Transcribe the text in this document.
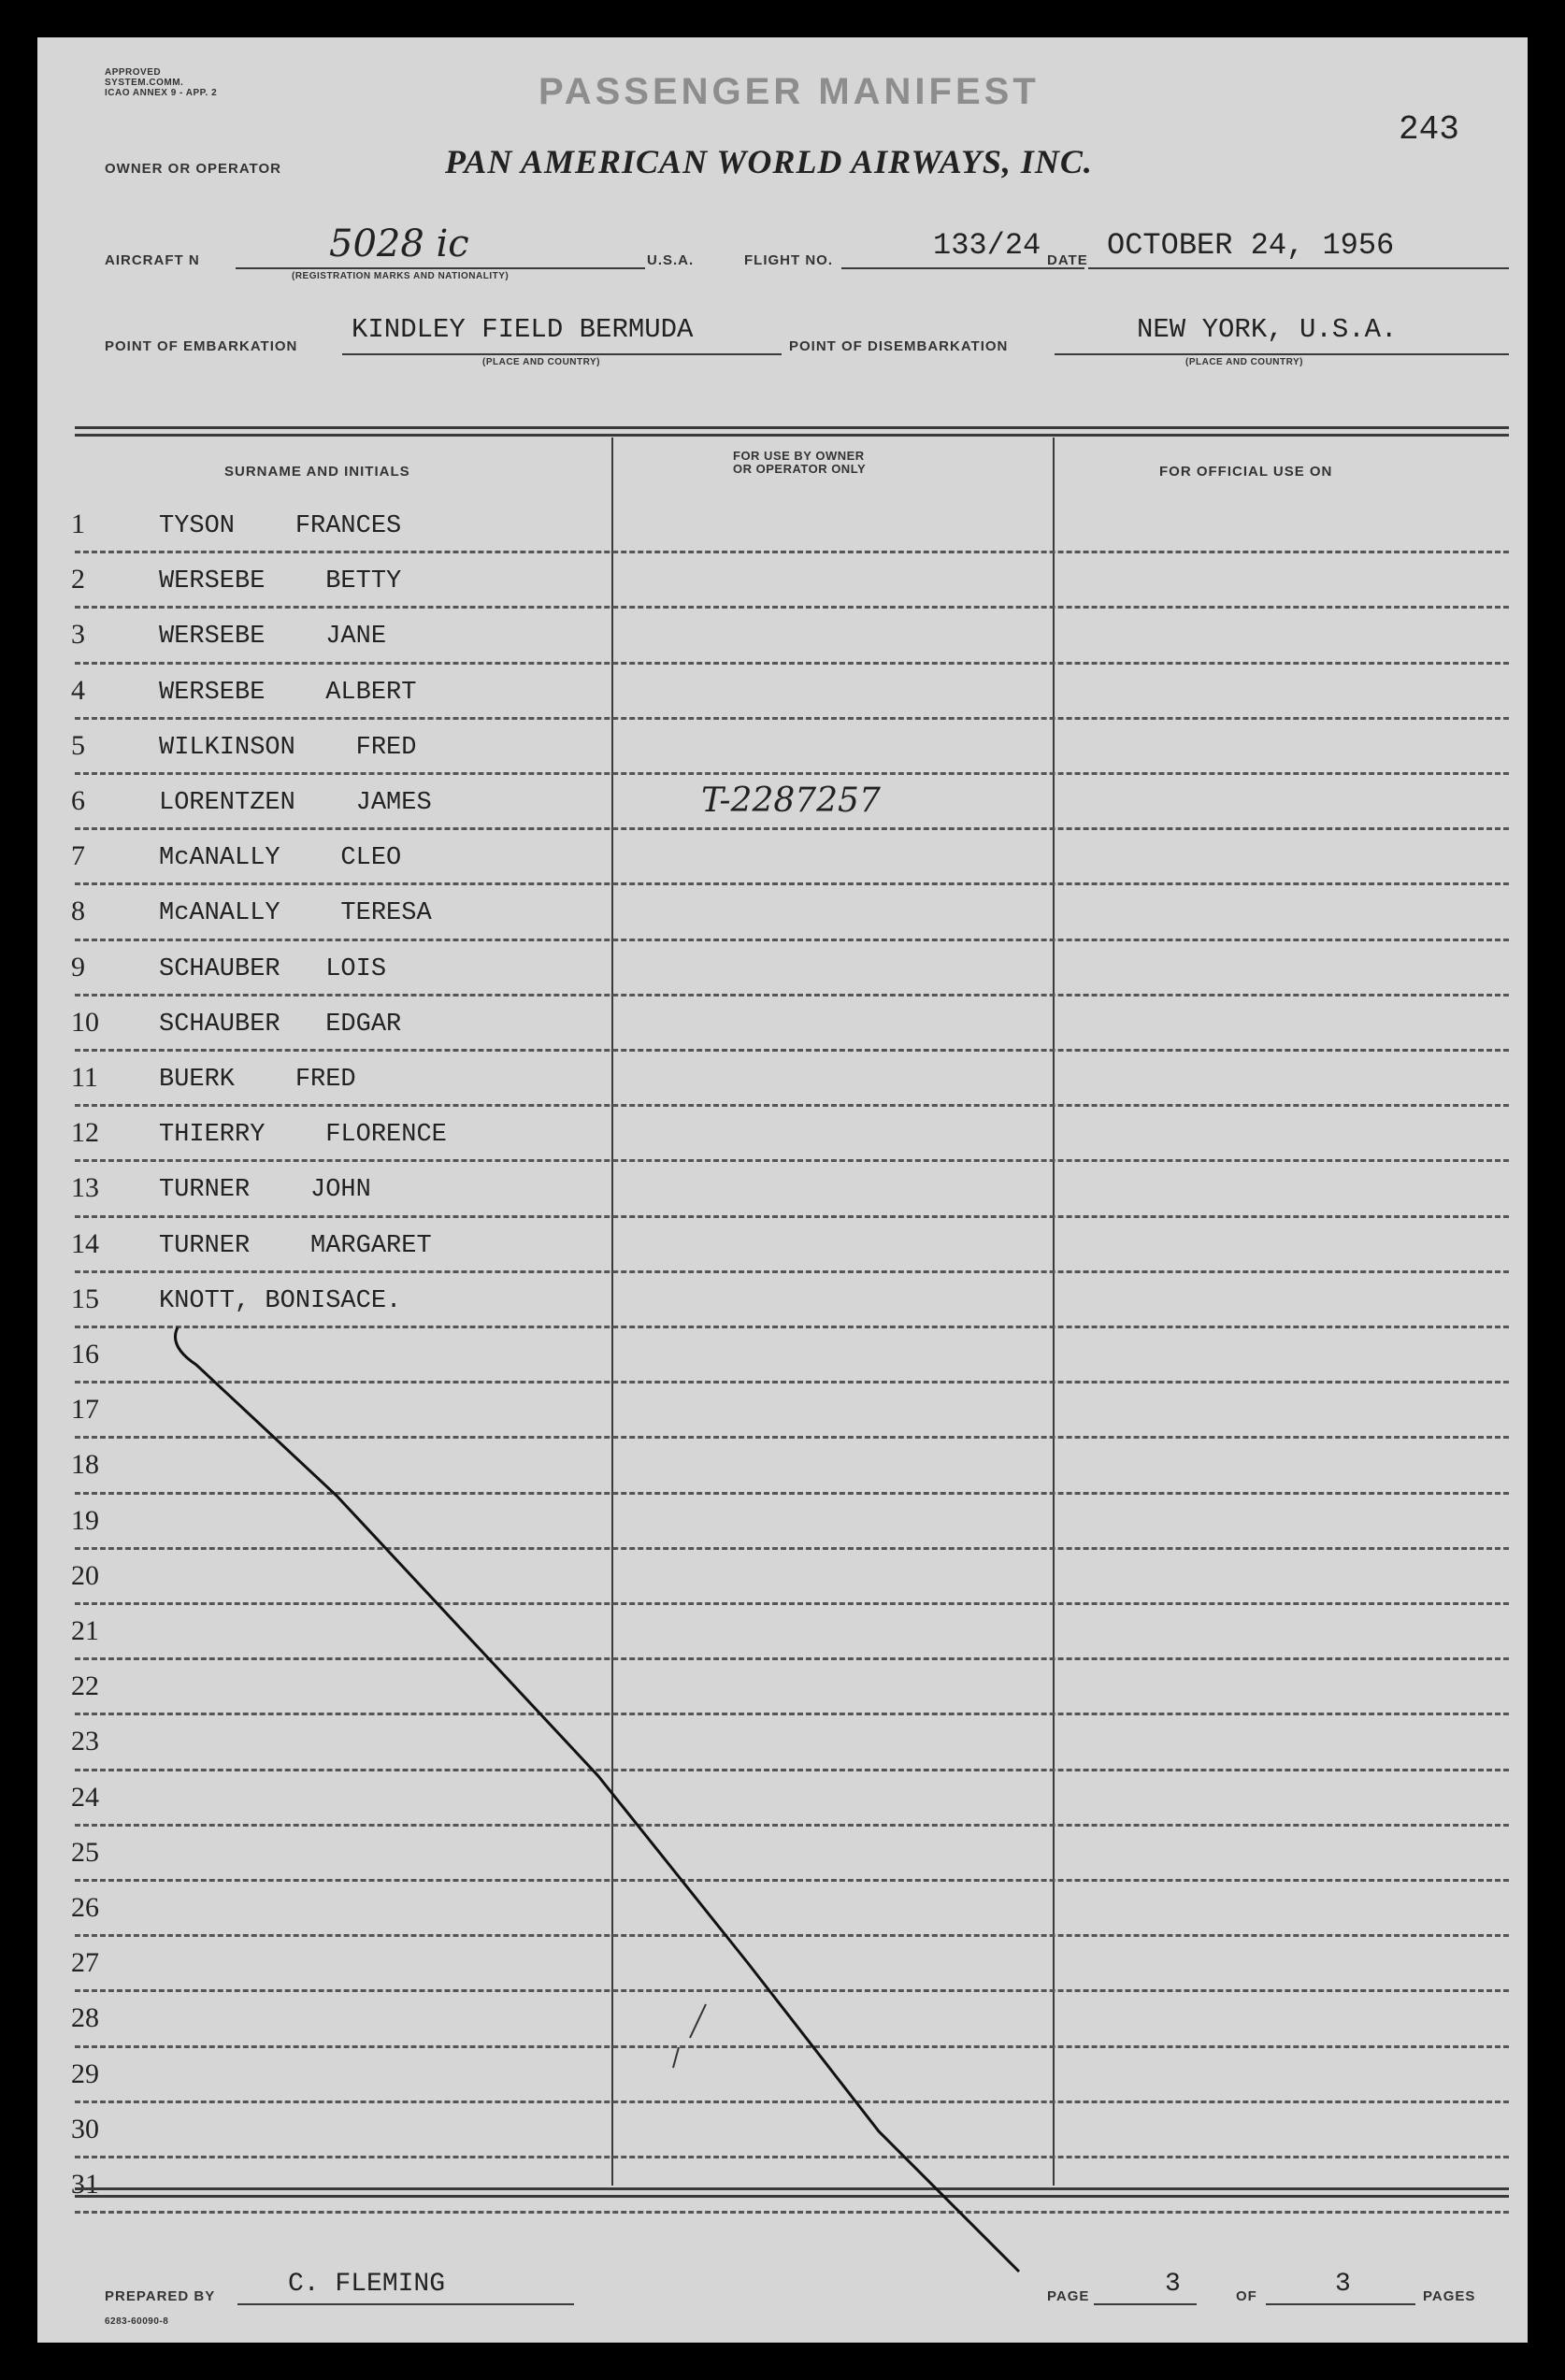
APPROVED
SYSTEM.COMM.
ICAO ANNEX 9 - APP. 2	PASSENGER MANIFEST
243
OWNER OR OPERATOR	PAN AMERICAN WORLD AIRWAYS, INC.
AIRCRAFT N	5028 ic
(REGISTRATION MARKS AND NATIONALITY)
U.S.A.	FLIGHT NO.	133/24 DATE OCTOBER 24, 1956
POINT OF EMBARKATION
KINDLEY FIELD BERMUDA
(PLACE AND COUNTRY)
POINT OF DISEMBARKATION
NEW YORK, U.S.A.
(PLACE AND COUNTRY)
SURNAME AND INITIALS
FOR USE BY OWNER
OR OPERATOR ONLY	FOR OFFICIAL USE ON
1	TYSON    FRANCES
2	WERSEBE    BETTY
3	WERSEBE    JANE
4	WERSEBE    ALBERT
5	WILKINSON    FRED
6	LORENTZEN    JAMES	T-2287257
7	McANALLY    CLEO
8	McANALLY    TERESA
9	SCHAUBER   LOIS
10	SCHAUBER   EDGAR
11	BUERK    FRED
12	THIERRY    FLORENCE
13	TURNER    JOHN
14	TURNER    MARGARET
15	KNOTT, BONISACE.
16
17
18
19
20
21
22
23
24
25
26
27
28
29
30
31
PREPARED BY	C. FLEMING
6283-60090-8
PAGE	3	OF	3	PAGES
